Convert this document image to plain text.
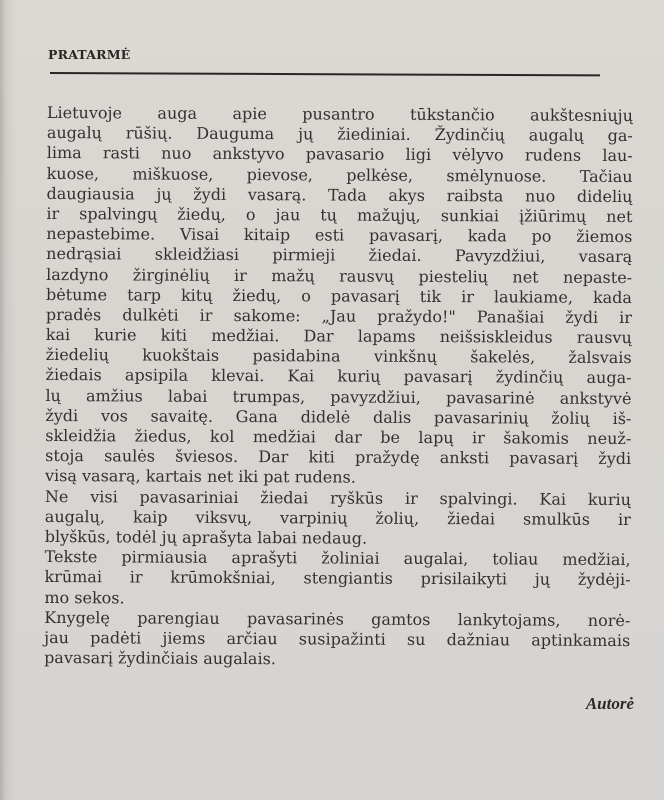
PRATARMĖ
Lietuvoje auga apie pusantro tūkstančio aukštesniųjų
augalų rūšių. Dauguma jų žiediniai. Žydinčių augalų ga-
lima rasti nuo ankstyvo pavasario ligi vėlyvo rudens lau-
kuose, miškuose, pievose, pelkėse, smėlynuose. Tačiau
daugiausia jų žydi vasarą. Tada akys raibsta nuo didelių
ir spalvingų žiedų, o jau tų mažųjų, sunkiai įžiūrimų net
nepastebime. Visai kitaip esti pavasarį, kada po žiemos
nedrąsiai skleidžiasi pirmieji žiedai. Pavyzdžiui, vasarą
lazdyno žirginėlių ir mažų rausvų piestelių net nepaste-
bėtume tarp kitų žiedų, o pavasarį tik ir laukiame, kada
pradės dulkėti ir sakome: „Jau pražydo!" Panašiai žydi ir
kai kurie kiti medžiai. Dar lapams neišsiskleidus rausvų
žiedelių kuokštais pasidabina vinkšnų šakelės, žalsvais
žiedais apsipila klevai. Kai kurių pavasarį žydinčių auga-
lų amžius labai trumpas, pavyzdžiui, pavasarinė ankstyvė
žydi vos savaitę. Gana didelė dalis pavasarinių žolių iš-
skleidžia žiedus, kol medžiai dar be lapų ir šakomis neuž-
stoja saulės šviesos. Dar kiti pražydę anksti pavasarį žydi
visą vasarą, kartais net iki pat rudens.
Ne visi pavasariniai žiedai ryškūs ir spalvingi. Kai kurių
augalų, kaip viksvų, varpinių žolių, žiedai smulkūs ir
blyškūs, todėl jų aprašyta labai nedaug.
Tekste pirmiausia aprašyti žoliniai augalai, toliau medžiai,
krūmai ir krūmokšniai, stengiantis prisilaikyti jų žydėji-
mo sekos.
Knygelę parengiau pavasarinės gamtos lankytojams, norė-
jau padėti jiems arčiau susipažinti su dažniau aptinkamais
pavasarį žydinčiais augalais.
Autorė
